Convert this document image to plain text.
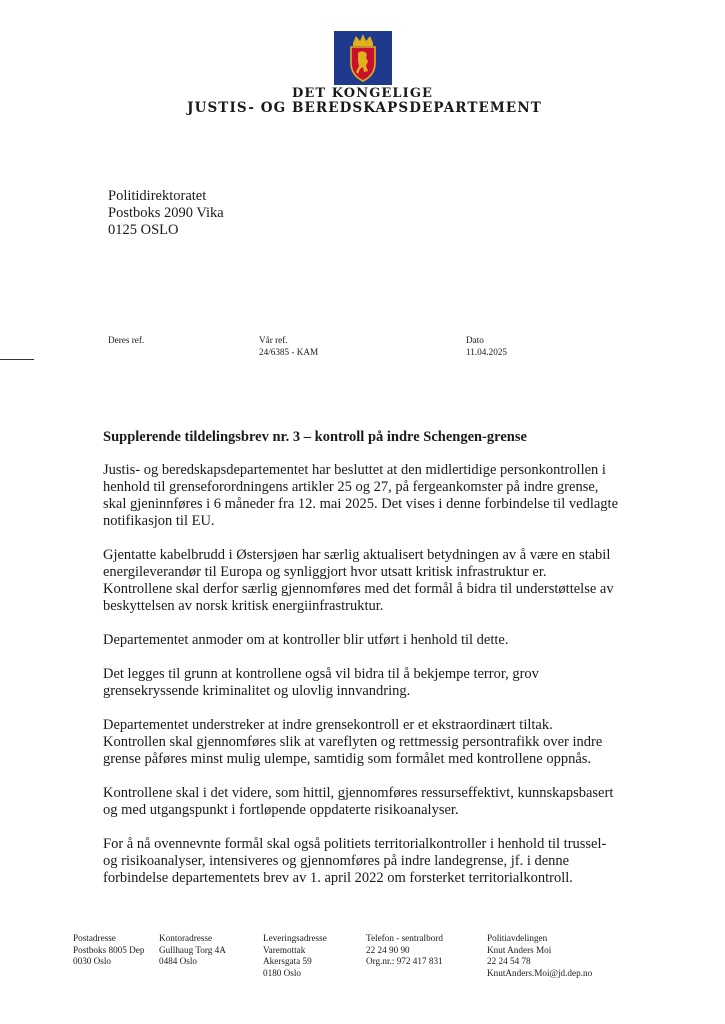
DET KONGELIGE
JUSTIS- OG BEREDSKAPSDEPARTEMENT
Politidirektoratet
Postboks 2090 Vika
0125 OSLO
Deres ref.	Vår ref.
24/6385 - KAM
Dato
11.04.2025
Supplerende tildelingsbrev nr. 3 – kontroll på indre Schengen-grense
Justis- og beredskapsdepartementet har besluttet at den midlertidige personkontrollen i
henhold til grenseforordningens artikler 25 og 27, på fergeankomster på indre grense,
skal gjeninnføres i 6 måneder fra 12. mai 2025. Det vises i denne forbindelse til vedlagte
notifikasjon til EU.
Gjentatte kabelbrudd i Østersjøen har særlig aktualisert betydningen av å være en stabil
energileverandør til Europa og synliggjort hvor utsatt kritisk infrastruktur er.
Kontrollene skal derfor særlig gjennomføres med det formål å bidra til understøttelse av
beskyttelsen av norsk kritisk energiinfrastruktur.
Departementet anmoder om at kontroller blir utført i henhold til dette.
Det legges til grunn at kontrollene også vil bidra til å bekjempe terror, grov
grensekryssende kriminalitet og ulovlig innvandring.
Departementet understreker at indre grensekontroll er et ekstraordinært tiltak.
Kontrollen skal gjennomføres slik at vareflyten og rettmessig persontrafikk over indre
grense påføres minst mulig ulempe, samtidig som formålet med kontrollene oppnås.
Kontrollene skal i det videre, som hittil, gjennomføres ressurseffektivt, kunnskapsbasert
og med utgangspunkt i fortløpende oppdaterte risikoanalyser.
For å nå ovennevnte formål skal også politiets territorialkontroller i henhold til trussel-
og risikoanalyser, intensiveres og gjennomføres på indre landegrense, jf. i denne
forbindelse departementets brev av 1. april 2022 om forsterket territorialkontroll.
Postadresse
Postboks 8005 Dep
0030 Oslo
Kontoradresse
Gullhaug Torg 4A
0484 Oslo
Leveringsadresse
Varemottak
Akersgata 59
0180 Oslo
Telefon - sentralbord
22 24 90 90
Org.nr.: 972 417 831
Politiavdelingen
Knut Anders Moi
22 24 54 78
KnutAnders.Moi@jd.dep.no
